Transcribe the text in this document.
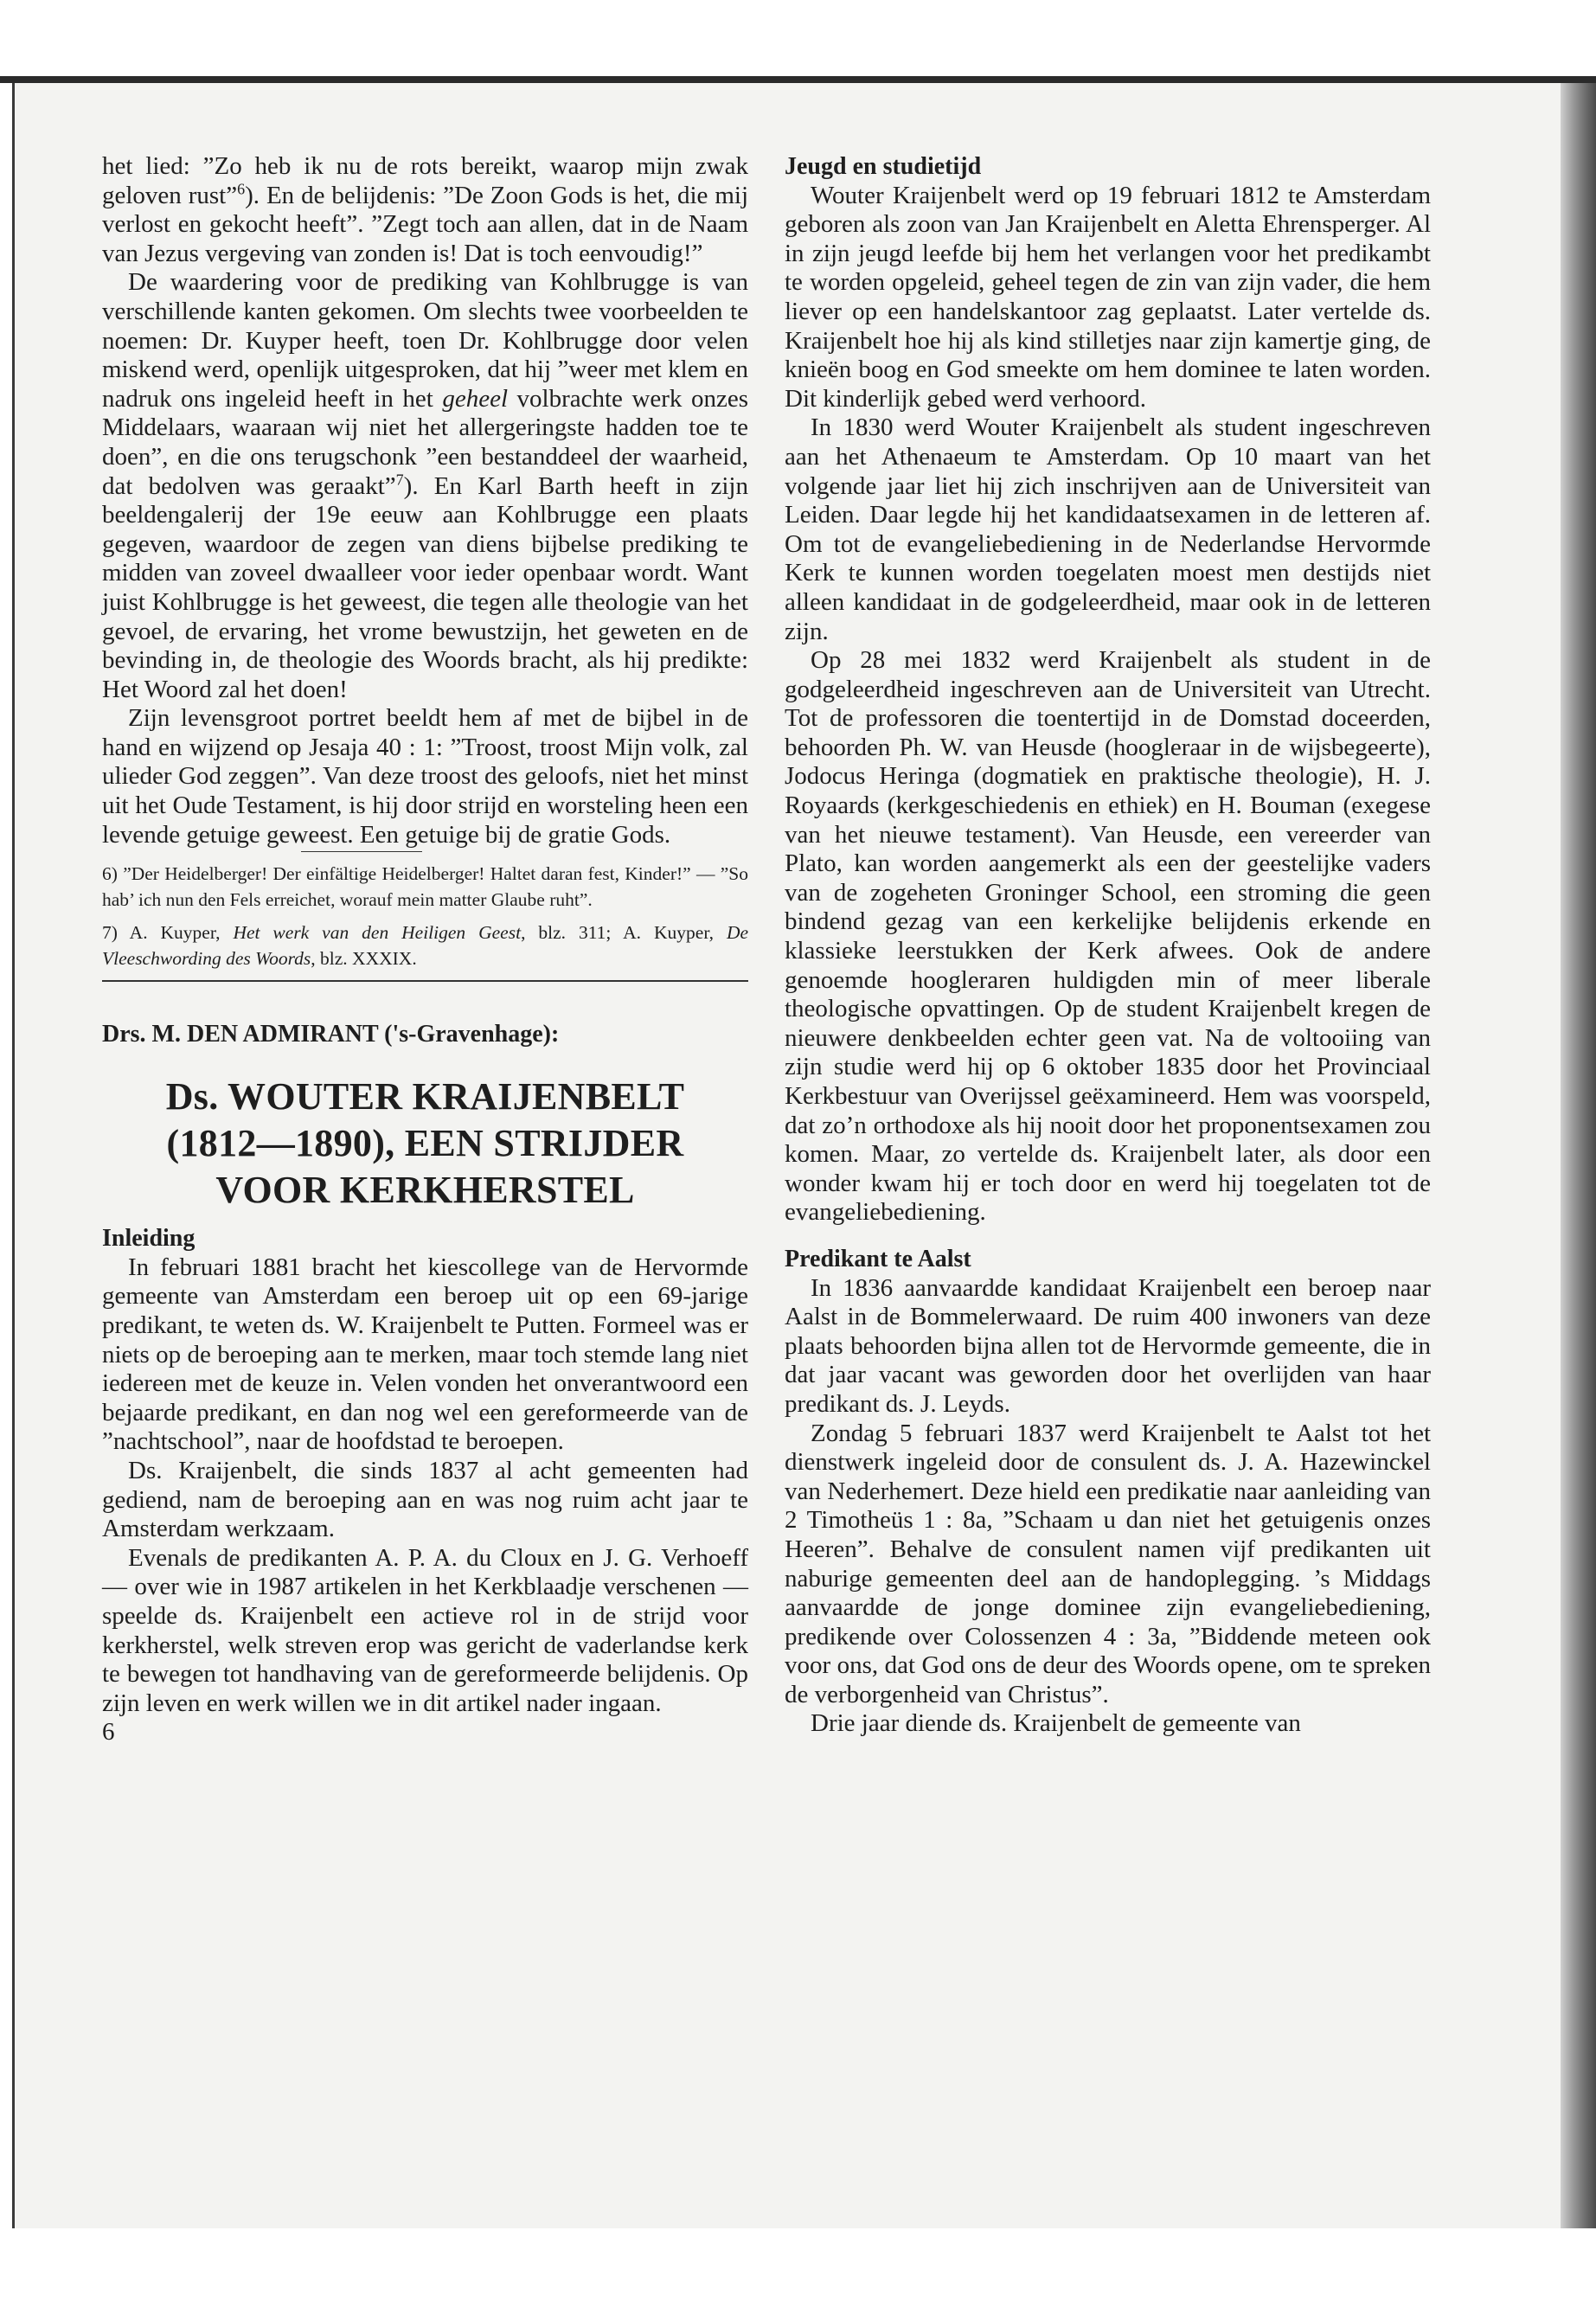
het lied: ”Zo heb ik nu de rots bereikt, waarop mijn zwak geloven rust”$^6$). En de belijdenis: ”De Zoon Gods is het, die mij verlost en gekocht heeft”. ”Zegt toch aan allen, dat in de Naam van Jezus vergeving van zonden is! Dat is toch eenvoudig!”

De waardering voor de prediking van Kohlbrugge is van verschillende kanten gekomen. Om slechts twee voorbeelden te noemen: Dr. Kuyper heeft, toen Dr. Kohlbrugge door velen miskend werd, openlijk uitgesproken, dat hij ”weer met klem en nadruk ons ingeleid heeft in het geheel volbrachte werk onzes Middelaars, waaraan wij niet het allergeringste hadden toe te doen”, en die ons terugschonk ”een bestanddeel der waarheid, dat bedolven was geraakt”$^7$). En Karl Barth heeft in zijn beeldengalerij der 19e eeuw aan Kohlbrugge een plaats gegeven, waardoor de zegen van diens bijbelse prediking te midden van zoveel dwaalleer voor ieder openbaar wordt. Want juist Kohlbrugge is het geweest, die tegen alle theologie van het gevoel, de ervaring, het vrome bewustzijn, het geweten en de bevinding in, de theologie des Woords bracht, als hij predikte: Het Woord zal het doen!

Zijn levensgroot portret beeldt hem af met de bijbel in de hand en wijzend op Jesaja 40 : 1: ”Troost, troost Mijn volk, zal ulieder God zeggen”. Van deze troost des geloofs, niet het minst uit het Oude Testament, is hij door strijd en worsteling heen een levende getuige geweest. Een getuige bij de gratie Gods.

6) ”Der Heidelberger! Der einfältige Heidelberger! Haltet daran fest, Kinder!” — ”So hab’ ich nun den Fels erreichet, worauf mein matter Glaube ruht”.

7) A. Kuyper, Het werk van den Heiligen Geest, blz. 311; A. Kuyper, De Vleeschwording des Woords, blz. XXXIX.

Drs. M. DEN ADMIRANT ('s-Gravenhage):
Ds. WOUTER KRAIJENBELT
(1812—1890), EEN STRIJDER
VOOR KERKHERSTEL
Inleiding

In februari 1881 bracht het kiescollege van de Hervormde gemeente van Amsterdam een beroep uit op een 69-jarige predikant, te weten ds. W. Kraijenbelt te Putten. Formeel was er niets op de beroeping aan te merken, maar toch stemde lang niet iedereen met de keuze in. Velen vonden het onverantwoord een bejaarde predikant, en dan nog wel een gereformeerde van de ”nachtschool”, naar de hoofdstad te beroepen.

Ds. Kraijenbelt, die sinds 1837 al acht gemeenten had gediend, nam de beroeping aan en was nog ruim acht jaar te Amsterdam werkzaam.

Evenals de predikanten A. P. A. du Cloux en J. G. Verhoeff — over wie in 1987 artikelen in het Kerkblaadje verschenen — speelde ds. Kraijenbelt een actieve rol in de strijd voor kerkherstel, welk streven erop was gericht de vaderlandse kerk te bewegen tot handhaving van de gereformeerde belijdenis. Op zijn leven en werk willen we in dit artikel nader ingaan.

6
Jeugd en studietijd

Wouter Kraijenbelt werd op 19 februari 1812 te Amsterdam geboren als zoon van Jan Kraijenbelt en Aletta Ehrensperger. Al in zijn jeugd leefde bij hem het verlangen voor het predikambt te worden opgeleid, geheel tegen de zin van zijn vader, die hem liever op een handelskantoor zag geplaatst. Later vertelde ds. Kraijenbelt hoe hij als kind stilletjes naar zijn kamertje ging, de knieën boog en God smeekte om hem dominee te laten worden. Dit kinderlijk gebed werd verhoord.

In 1830 werd Wouter Kraijenbelt als student ingeschreven aan het Athenaeum te Amsterdam. Op 10 maart van het volgende jaar liet hij zich inschrijven aan de Universiteit van Leiden. Daar legde hij het kandidaatsexamen in de letteren af. Om tot de evangeliebediening in de Nederlandse Hervormde Kerk te kunnen worden toegelaten moest men destijds niet alleen kandidaat in de godgeleerdheid, maar ook in de letteren zijn.

Op 28 mei 1832 werd Kraijenbelt als student in de godgeleerdheid ingeschreven aan de Universiteit van Utrecht. Tot de professoren die toentertijd in de Domstad doceerden, behoorden Ph. W. van Heusde (hoogleraar in de wijsbegeerte), Jodocus Heringa (dogmatiek en praktische theologie), H. J. Royaards (kerkgeschiedenis en ethiek) en H. Bouman (exegese van het nieuwe testament). Van Heusde, een vereerder van Plato, kan worden aangemerkt als een der geestelijke vaders van de zogeheten Groninger School, een stroming die geen bindend gezag van een kerkelijke belijdenis erkende en klassieke leerstukken der Kerk afwees. Ook de andere genoemde hoogleraren huldigden min of meer liberale theologische opvattingen. Op de student Kraijenbelt kregen de nieuwere denkbeelden echter geen vat. Na de voltooiing van zijn studie werd hij op 6 oktober 1835 door het Provinciaal Kerkbestuur van Overijssel geëxamineerd. Hem was voorspeld, dat zo’n orthodoxe als hij nooit door het proponentsexamen zou komen. Maar, zo vertelde ds. Kraijenbelt later, als door een wonder kwam hij er toch door en werd hij toegelaten tot de evangeliebediening.

Predikant te Aalst

In 1836 aanvaardde kandidaat Kraijenbelt een beroep naar Aalst in de Bommelerwaard. De ruim 400 inwoners van deze plaats behoorden bijna allen tot de Hervormde gemeente, die in dat jaar vacant was geworden door het overlijden van haar predikant ds. J. Leyds.

Zondag 5 februari 1837 werd Kraijenbelt te Aalst tot het dienstwerk ingeleid door de consulent ds. J. A. Hazewinckel van Nederhemert. Deze hield een predikatie naar aanleiding van 2 Timotheüs 1 : 8a, ”Schaam u dan niet het getuigenis onzes Heeren”. Behalve de consulent namen vijf predikanten uit naburige gemeenten deel aan de handoplegging. ’s Middags aanvaardde de jonge dominee zijn evangeliebediening, predikende over Colossenzen 4 : 3a, ”Biddende meteen ook voor ons, dat God ons de deur des Woords opene, om te spreken de verborgenheid van Christus”.

Drie jaar diende ds. Kraijenbelt de gemeente van
